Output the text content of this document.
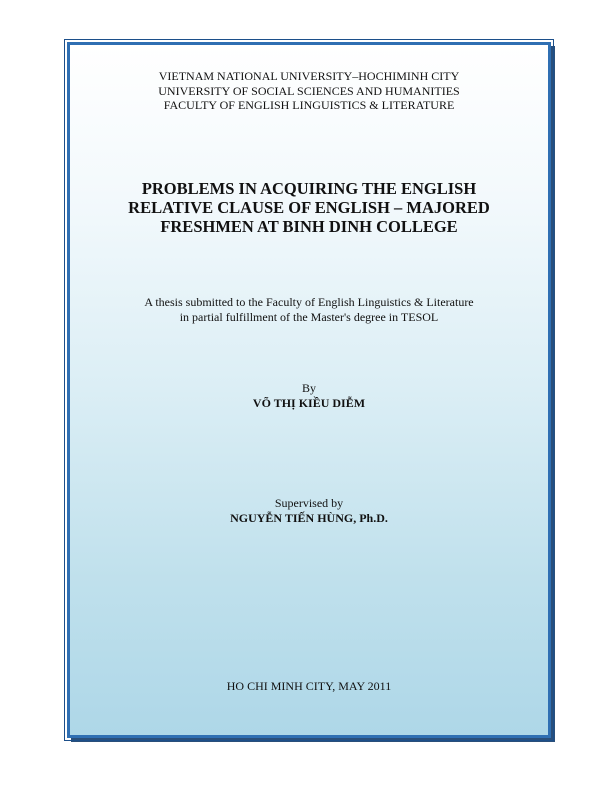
VIETNAM NATIONAL UNIVERSITY–HOCHIMINH CITY
UNIVERSITY OF SOCIAL SCIENCES AND HUMANITIES
FACULTY OF ENGLISH LINGUISTICS & LITERATURE
PROBLEMS IN ACQUIRING THE ENGLISH
RELATIVE CLAUSE OF ENGLISH – MAJORED
FRESHMEN AT BINH DINH COLLEGE
A thesis submitted to the Faculty of English Linguistics & Literature
in partial fulfillment of the Master's degree in TESOL
By
VÕ THỊ KIỀU DIỄM
Supervised by
NGUYỄN TIẾN HÙNG, Ph.D.
HO CHI MINH CITY, MAY 2011
